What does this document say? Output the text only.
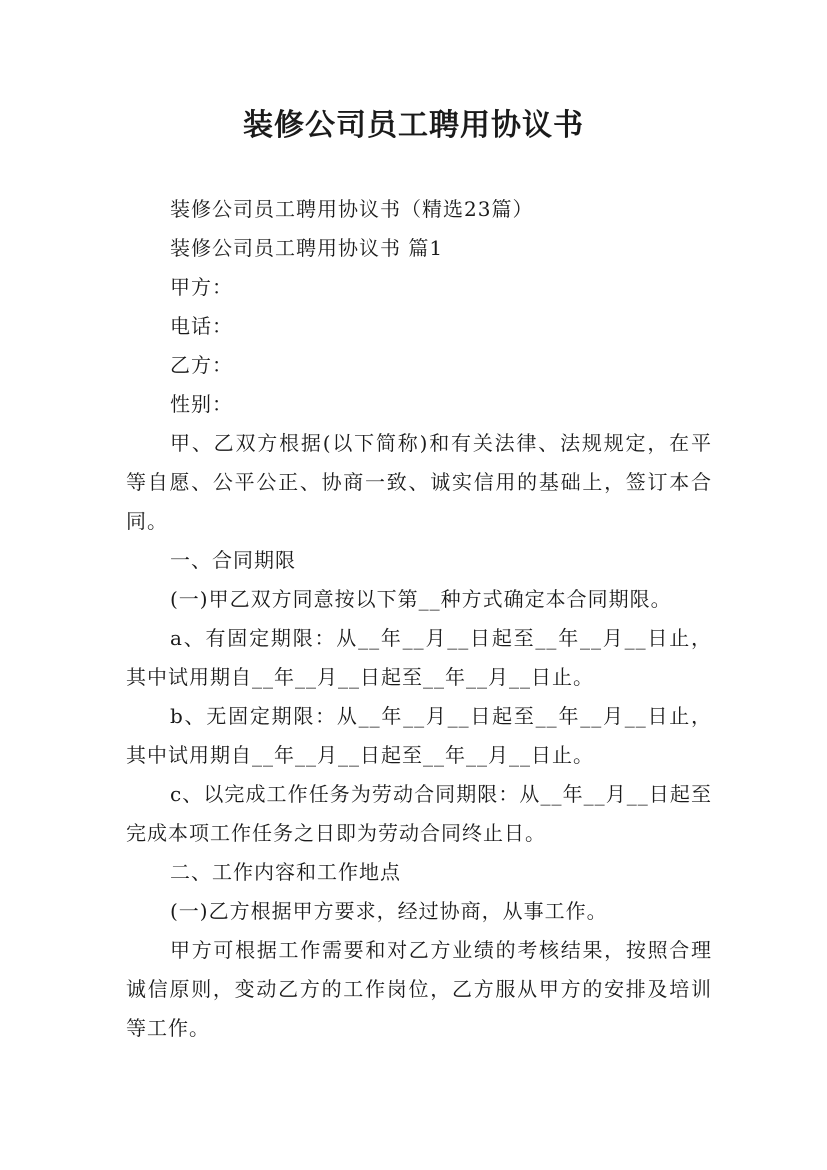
装修公司员工聘用协议书

装修公司员工聘用协议书（精选23篇）

装修公司员工聘用协议书 篇1

甲方：

电话：

乙方：

性别：

甲、乙双方根据(以下简称)和有关法律、法规规定，在平等自愿、公平公正、协商一致、诚实信用的基础上，签订本合同。

一、合同期限

(一)甲乙双方同意按以下第__种方式确定本合同期限。

a、有固定期限：从__年__月__日起至__年__月__日止，其中试用期自__年__月__日起至__年__月__日止。

b、无固定期限：从__年__月__日起至__年__月__日止，其中试用期自__年__月__日起至__年__月__日止。

c、以完成工作任务为劳动合同期限：从__年__月__日起至完成本项工作任务之日即为劳动合同终止日。

二、工作内容和工作地点

(一)乙方根据甲方要求，经过协商，从事工作。

甲方可根据工作需要和对乙方业绩的考核结果，按照合理诚信原则，变动乙方的工作岗位，乙方服从甲方的安排及培训等工作。
